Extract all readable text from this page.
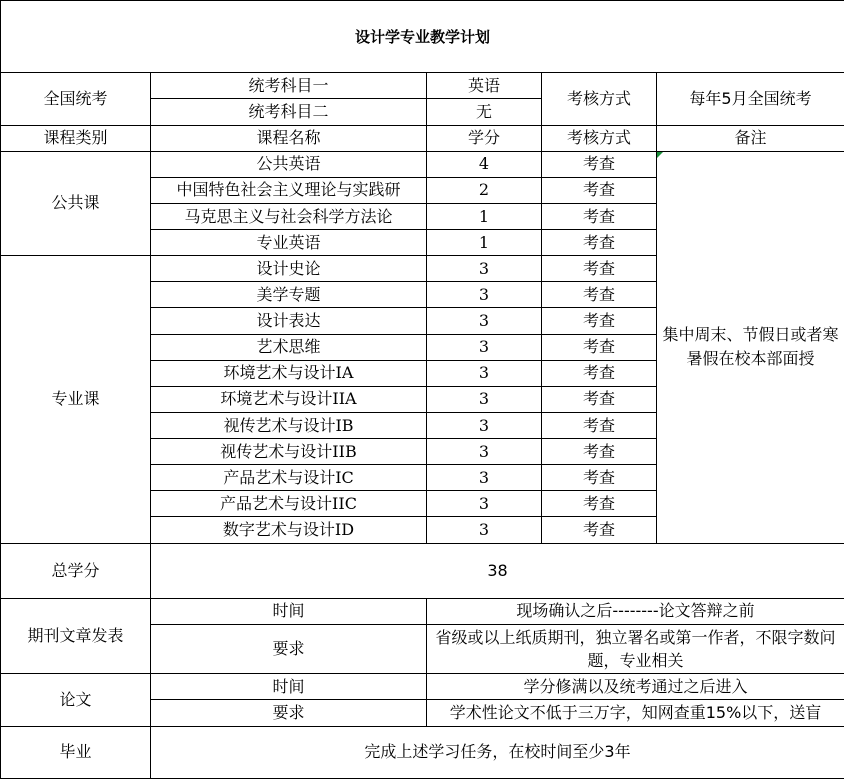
设计学专业教学计划				
全国统考	统考科目一	英语	考核方式	每年5月全国统考
	统考科目二	无		
课程类别	课程名称	学分	考核方式	备注
公共课	公共英语	4	考查	集中周末、节假日或者寒暑假在校本部面授
	中国特色社会主义理论与实践研	2	考查	
	马克思主义与社会科学方法论	1	考查	
	专业英语	1	考查	
专业课	设计史论	3	考查	
	美学专题	3	考查	
	设计表达	3	考查	
	艺术思维	3	考查	
	环境艺术与设计IA	3	考查	
	环境艺术与设计IIA	3	考查	
	视传艺术与设计IB	3	考查	
	视传艺术与设计IIB	3	考查	
	产品艺术与设计IC	3	考查	
	产品艺术与设计IIC	3	考查	
	数字艺术与设计ID	3	考查	
总学分	38			
期刊文章发表	时间	现场确认之后--------论文答辩之前		
	要求	省级或以上纸质期刊，独立署名或第一作者，不限字数问题，专业相关		
论文	时间	学分修满以及统考通过之后进入		
	要求	学术性论文不低于三万字，知网查重15%以下，送盲		
毕业	完成上述学习任务，在校时间至少3年			
